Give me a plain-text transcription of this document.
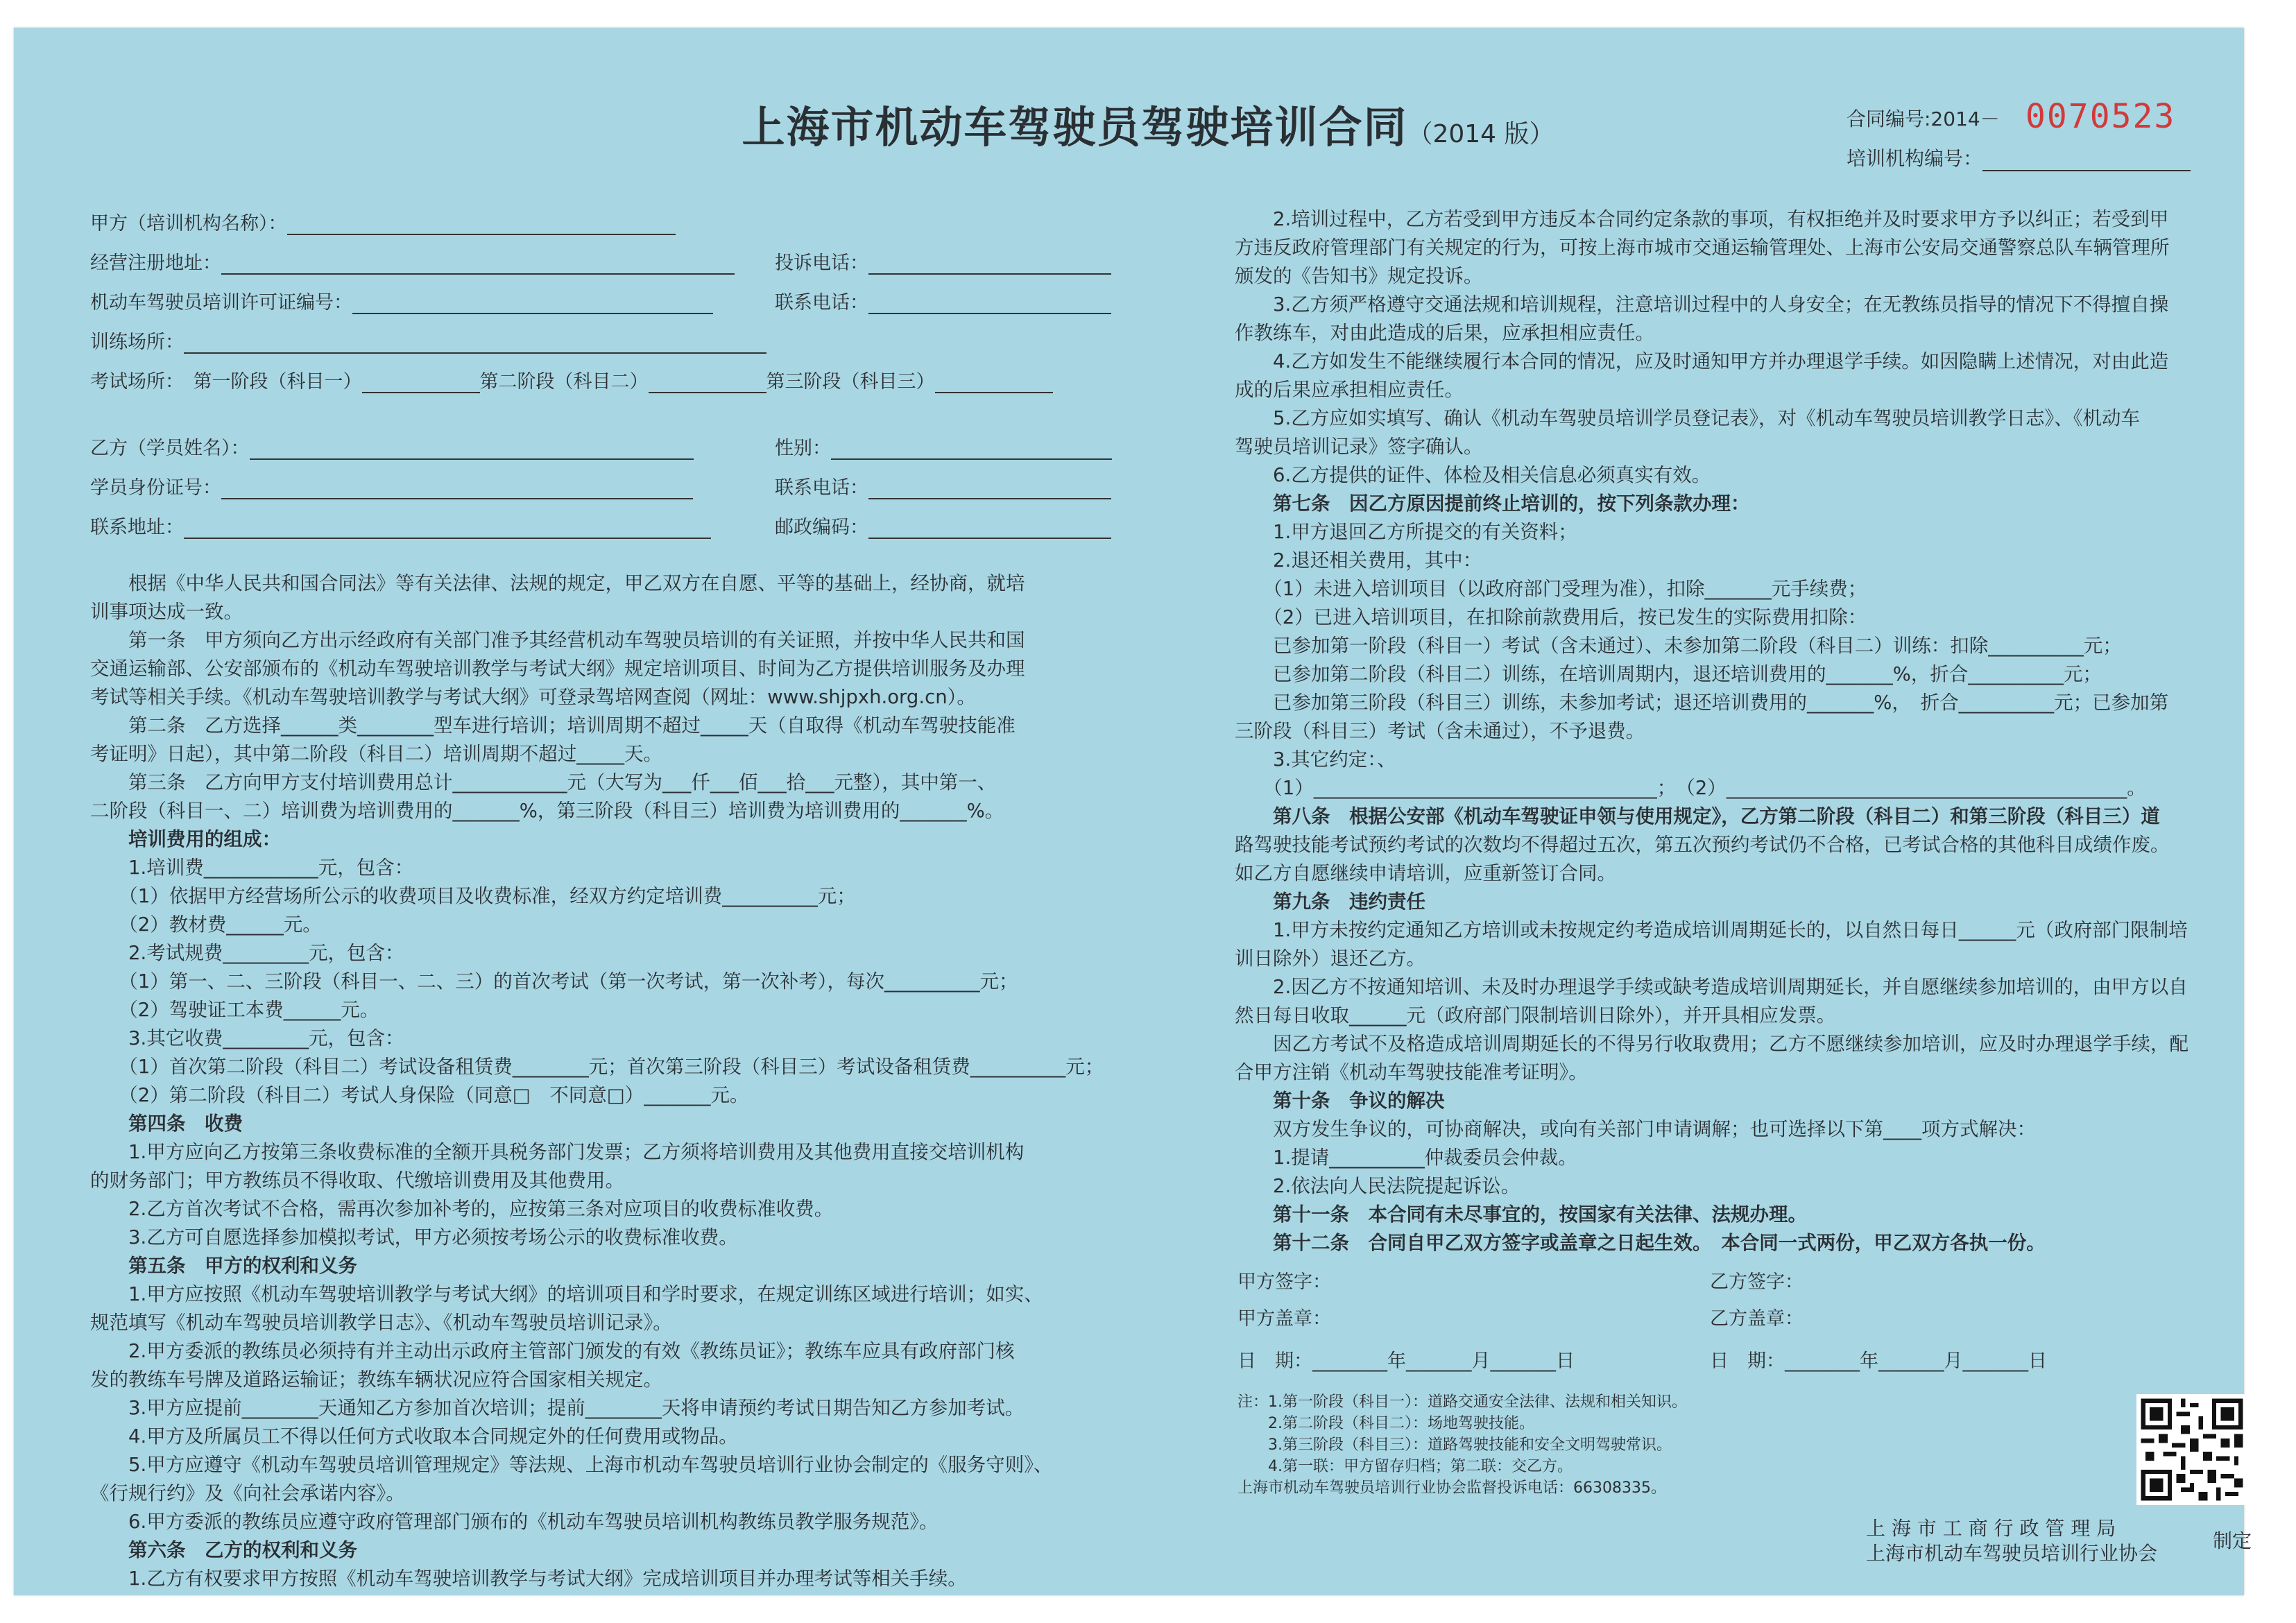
上海市机动车驾驶员驾驶培训合同（2014 版）
合同编号:2014－ 0070523
培训机构编号：
甲方（培训机构名称）：
经营注册地址：	投诉电话：
机动车驾驶员培训许可证编号：	联系电话：
训练场所：
考试场所：　 第一阶段（科目一）	第二阶段（科目二）	第三阶段（科目三）
乙方（学员姓名）：	性别：
学员身份证号：	联系电话：
联系地址：	邮政编码：

　　根据《中华人民共和国合同法》等有关法律、法规的规定，甲乙双方在自愿、平等的基础上，经协商，就培

训事项达成一致。

　　第一条　甲方须向乙方出示经政府有关部门准予其经营机动车驾驶员培训的有关证照，并按中华人民共和国

交通运输部、公安部颁布的《机动车驾驶培训教学与考试大纲》规定培训项目、时间为乙方提供培训服务及办理

考试等相关手续。《机动车驾驶培训教学与考试大纲》可登录驾培网查阅（网址：www.shjpxh.org.cn）。

　　第二条　乙方选择______类________型车进行培训；培训周期不超过_____天（自取得《机动车驾驶技能准

考证明》日起），其中第二阶段（科目二）培训周期不超过_____天。

　　第三条　乙方向甲方支付培训费用总计____________元（大写为___仟___佰___拾___元整），其中第一、

二阶段（科目一、二）培训费为培训费用的_______%，第三阶段（科目三）培训费为培训费用的_______%。

　　培训费用的组成：

　　1.培训费____________元，包含：

　　（1）依据甲方经营场所公示的收费项目及收费标准，经双方约定培训费__________元；

　　（2）教材费______元。

　　2.考试规费_________元，包含：

　　（1）第一、二、三阶段（科目一、二、三）的首次考试（第一次考试，第一次补考），每次__________元；

　　（2）驾驶证工本费______元。

　　3.其它收费_________元，包含：

　　（1）首次第二阶段（科目二）考试设备租赁费________元；首次第三阶段（科目三）考试设备租赁费__________元；

　　（2）第二阶段（科目二）考试人身保险（同意□　不同意□）_______元。

　　第四条　收费

　　1.甲方应向乙方按第三条收费标准的全额开具税务部门发票；乙方须将培训费用及其他费用直接交培训机构

的财务部门；甲方教练员不得收取、代缴培训费用及其他费用。

　　2.乙方首次考试不合格，需再次参加补考的，应按第三条对应项目的收费标准收费。

　　3.乙方可自愿选择参加模拟考试，甲方必须按考场公示的收费标准收费。

　　第五条　甲方的权利和义务

　　1.甲方应按照《机动车驾驶培训教学与考试大纲》的培训项目和学时要求，在规定训练区域进行培训；如实、

规范填写《机动车驾驶员培训教学日志》、《机动车驾驶员培训记录》。

　　2.甲方委派的教练员必须持有并主动出示政府主管部门颁发的有效《教练员证》；教练车应具有政府部门核

发的教练车号牌及道路运输证；教练车辆状况应符合国家相关规定。

　　3.甲方应提前________天通知乙方参加首次培训；提前________天将申请预约考试日期告知乙方参加考试。

　　4.甲方及所属员工不得以任何方式收取本合同规定外的任何费用或物品。

　　5.甲方应遵守《机动车驾驶员培训管理规定》等法规、上海市机动车驾驶员培训行业协会制定的《服务守则》、

《行规行约》及《向社会承诺内容》。

　　6.甲方委派的教练员应遵守政府管理部门颁布的《机动车驾驶员培训机构教练员教学服务规范》。

　　第六条　乙方的权利和义务

　　1.乙方有权要求甲方按照《机动车驾驶培训教学与考试大纲》完成培训项目并办理考试等相关手续。

　　2.培训过程中，乙方若受到甲方违反本合同约定条款的事项，有权拒绝并及时要求甲方予以纠正；若受到甲

方违反政府管理部门有关规定的行为，可按上海市城市交通运输管理处、上海市公安局交通警察总队车辆管理所

颁发的《告知书》规定投诉。

　　3.乙方须严格遵守交通法规和培训规程，注意培训过程中的人身安全；在无教练员指导的情况下不得擅自操

作教练车，对由此造成的后果，应承担相应责任。

　　4.乙方如发生不能继续履行本合同的情况，应及时通知甲方并办理退学手续。如因隐瞒上述情况，对由此造

成的后果应承担相应责任。

　　5.乙方应如实填写、确认《机动车驾驶员培训学员登记表》，对《机动车驾驶员培训教学日志》、《机动车

驾驶员培训记录》签字确认。

　　6.乙方提供的证件、体检及相关信息必须真实有效。

　　第七条　因乙方原因提前终止培训的，按下列条款办理：

　　1.甲方退回乙方所提交的有关资料；

　　2.退还相关费用，其中：

　　（1）未进入培训项目（以政府部门受理为准），扣除_______元手续费；

　　（2）已进入培训项目，在扣除前款费用后，按已发生的实际费用扣除：

　　已参加第一阶段（科目一）考试（含未通过）、未参加第二阶段（科目二）训练：扣除__________元；

　　已参加第二阶段（科目二）训练，在培训周期内，退还培训费用的_______%，折合__________元；

　　已参加第三阶段（科目三）训练，未参加考试；退还培训费用的_______%，　折合__________元；已参加第

三阶段（科目三）考试（含未通过），不予退费。

　　3.其它约定：、

　　（1）____________________________________；　（2）__________________________________________。

　　第八条　根据公安部《机动车驾驶证申领与使用规定》，乙方第二阶段（科目二）和第三阶段（科目三）道

路驾驶技能考试预约考试的次数均不得超过五次，第五次预约考试仍不合格，已考试合格的其他科目成绩作废。

如乙方自愿继续申请培训，应重新签订合同。

　　第九条　违约责任

　　1.甲方未按约定通知乙方培训或未按规定约考造成培训周期延长的，以自然日每日______元（政府部门限制培

训日除外）退还乙方。

　　2.因乙方不按通知培训、未及时办理退学手续或缺考造成培训周期延长，并自愿继续参加培训的，由甲方以自

然日每日收取______元（政府部门限制培训日除外），并开具相应发票。

　　因乙方考试不及格造成培训周期延长的不得另行收取费用；乙方不愿继续参加培训，应及时办理退学手续，配

合甲方注销《机动车驾驶技能准考证明》。

　　第十条　争议的解决

　　双方发生争议的，可协商解决，或向有关部门申请调解；也可选择以下第____项方式解决：

　　1.提请__________仲裁委员会仲裁。

　　2.依法向人民法院提起诉讼。

　　第十一条　本合同有未尽事宜的，按国家有关法律、法规办理。

　　第十二条　合同自甲乙双方签字或盖章之日起生效。　本合同一式两份，甲乙双方各执一份。

甲方签字：	乙方签字：
甲方盖章：	乙方盖章：
日　期：________年_______月_______日	日　期：________年_______月_______日

注：1.第一阶段（科目一）：道路交通安全法律、法规和相关知识。

　　2.第二阶段（科目二）：场地驾驶技能。

　　3.第三阶段（科目三）：道路驾驶技能和安全文明驾驶常识。

　　4.第一联：甲方留存归档；第二联：交乙方。

上海市机动车驾驶员培训行业协会监督投诉电话：66308335。

上 海 市 工 商 行 政 管 理 局
上海市机动车驾驶员培训行业协会
制定
